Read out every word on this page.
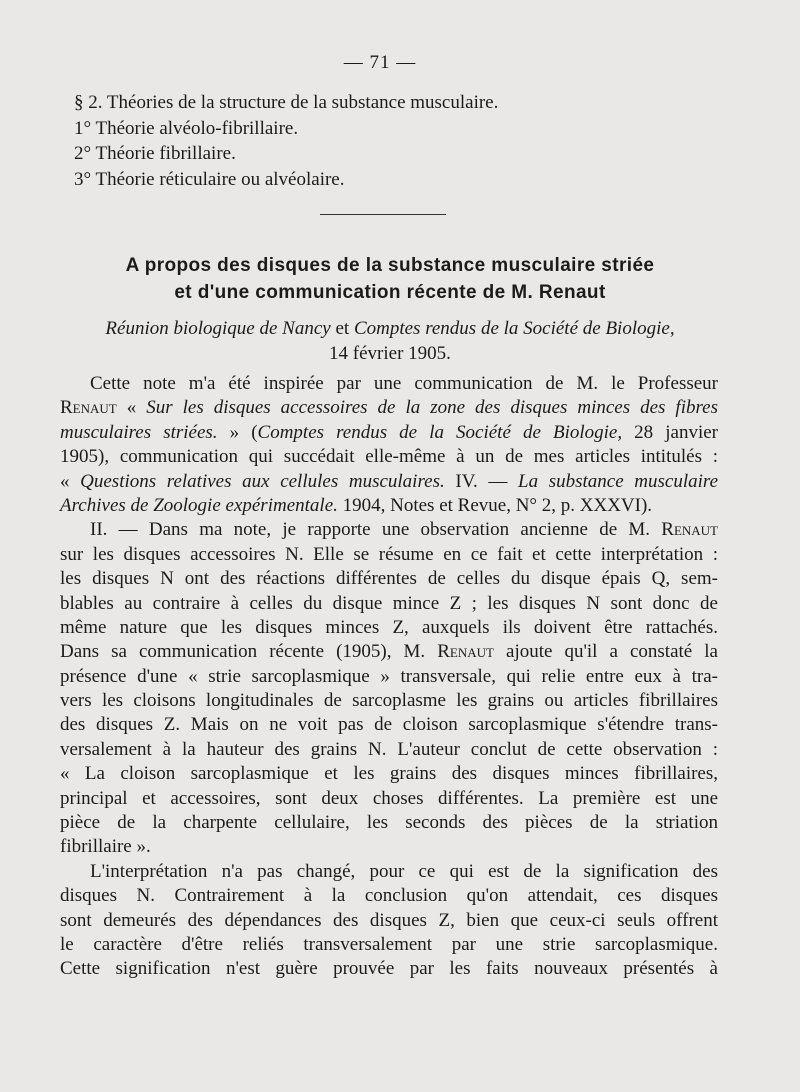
— 71 —
§ 2. Théories de la structure de la substance musculaire.
1° Théorie alvéolo-fibrillaire.
2° Théorie fibrillaire.
3° Théorie réticulaire ou alvéolaire.
A propos des disques de la substance musculaire striée
et d'une communication récente de M. Renaut
Réunion biologique de Nancy et Comptes rendus de la Société de Biologie,
14 février 1905.
Cette note m'a été inspirée par une communication de M. le Professeur
Renaut « Sur les disques accessoires de la zone des disques minces des fibres
musculaires striées. » (Comptes rendus de la Société de Biologie, 28 janvier
1905), communication qui succédait elle-même à un de mes articles intitulés :
« Questions relatives aux cellules musculaires. IV. — La substance musculaire
Archives de Zoologie expérimentale. 1904, Notes et Revue, N° 2, p. XXXVI).
II. — Dans ma note, je rapporte une observation ancienne de M. Renaut
sur les disques accessoires N. Elle se résume en ce fait et cette interprétation :
les disques N ont des réactions différentes de celles du disque épais Q, sem-
blables au contraire à celles du disque mince Z ; les disques N sont donc de
même nature que les disques minces Z, auxquels ils doivent être rattachés.
Dans sa communication récente (1905), M. Renaut ajoute qu'il a constaté la
présence d'une « strie sarcoplasmique » transversale, qui relie entre eux à tra-
vers les cloisons longitudinales de sarcoplasme les grains ou articles fibrillaires
des disques Z. Mais on ne voit pas de cloison sarcoplasmique s'étendre trans-
versalement à la hauteur des grains N. L'auteur conclut de cette observation :
« La cloison sarcoplasmique et les grains des disques minces fibrillaires,
principal et accessoires, sont deux choses différentes. La première est une
pièce de la charpente cellulaire, les seconds des pièces de la striation
fibrillaire ».
L'interprétation n'a pas changé, pour ce qui est de la signification des
disques N. Contrairement à la conclusion qu'on attendait, ces disques
sont demeurés des dépendances des disques Z, bien que ceux-ci seuls offrent
le caractère d'être reliés transversalement par une strie sarcoplasmique.
Cette signification n'est guère prouvée par les faits nouveaux présentés à
